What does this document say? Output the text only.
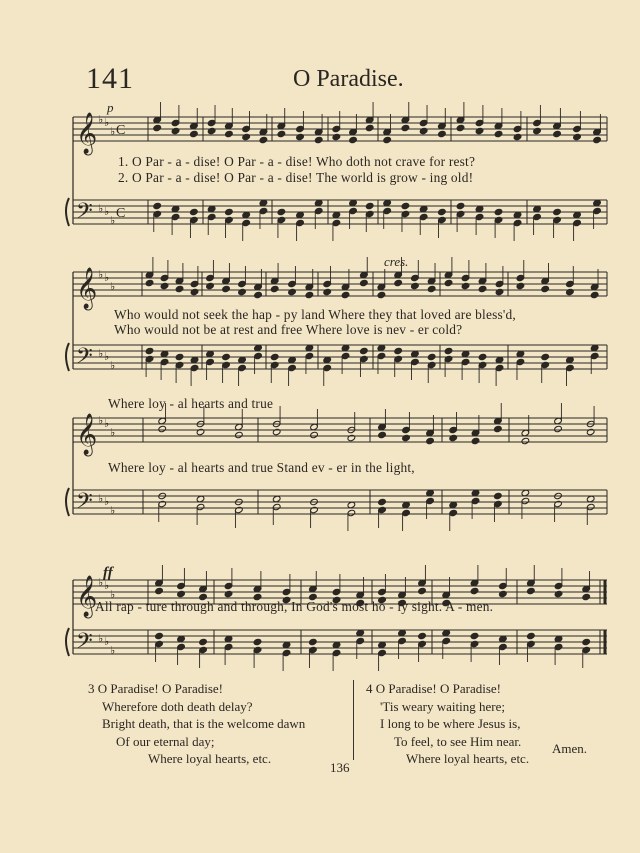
141	O Paradise.
𝄞 ♭ ♭
♭ C
𝄢 ♭ ♭
♭ C
𝄞 ♭ ♭
♭
𝄢 ♭ ♭
♭
𝄞 ♭ ♭
♭
𝄢 ♭ ♭
♭
𝄞 ♭ ♭
♭
𝄢 ♭ ♭
♭
p
cres.
ff
1. O Par - a - dise! O Par - a - dise! Who doth not crave for rest?
2. O Par - a - dise! O Par - a - dise! The world is grow - ing old!
Who would not seek the hap - py land Where they that loved are bless'd,
Who would not be at rest and free Where love is nev - er cold?
Where loy - al hearts and true
Where loy - al hearts and true Stand ev - er in the light,
All rap - ture through and through, In God's most ho - ly sight. A - men.
3 O Paradise! O Paradise!
Wherefore doth death delay?
Bright death, that is the welcome dawn
Of our eternal day;
Where loyal hearts, etc.
4 O Paradise! O Paradise!
'Tis weary waiting here;
I long to be where Jesus is,
To feel, to see Him near.
Where loyal hearts, etc.
Amen.
136
